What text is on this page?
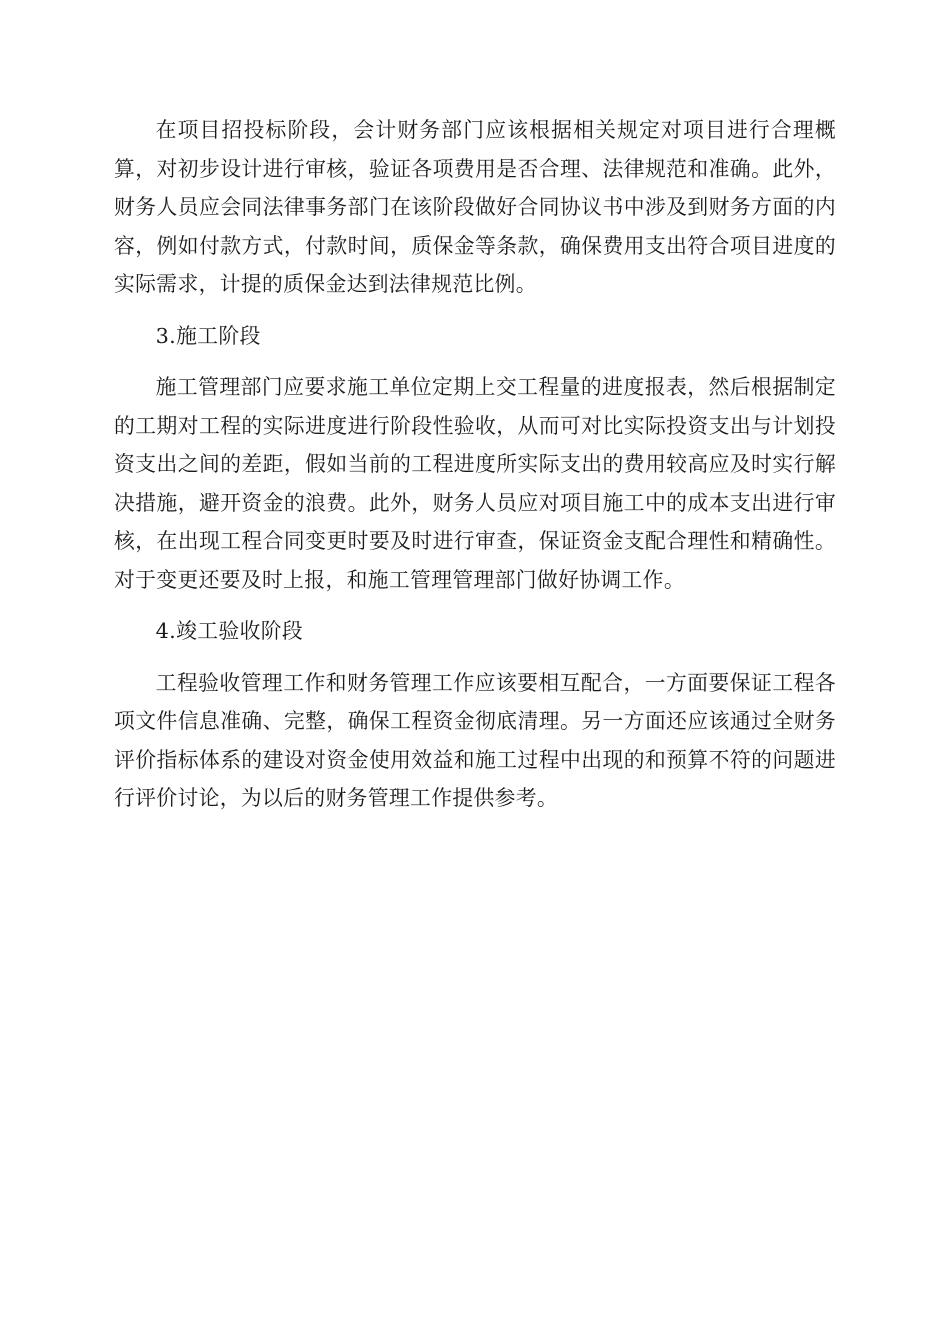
在项目招投标阶段，会计财务部门应该根据相关规定对项目进行合理概算，对初步设计进行审核，验证各项费用是否合理、法律规范和准确。此外，财务人员应会同法律事务部门在该阶段做好合同协议书中涉及到财务方面的内容，例如付款方式，付款时间，质保金等条款，确保费用支出符合项目进度的实际需求，计提的质保金达到法律规范比例。

3.施工阶段

施工管理部门应要求施工单位定期上交工程量的进度报表，然后根据制定的工期对工程的实际进度进行阶段性验收，从而可对比实际投资支出与计划投资支出之间的差距，假如当前的工程进度所实际支出的费用较高应及时实行解决措施，避开资金的浪费。此外，财务人员应对项目施工中的成本支出进行审核，在出现工程合同变更时要及时进行审查，保证资金支配合理性和精确性。对于变更还要及时上报，和施工管理管理部门做好协调工作。

4.竣工验收阶段

工程验收管理工作和财务管理工作应该要相互配合，一方面要保证工程各项文件信息准确、完整，确保工程资金彻底清理。另一方面还应该通过全财务评价指标体系的建设对资金使用效益和施工过程中出现的和预算不符的问题进行评价讨论，为以后的财务管理工作提供参考。
